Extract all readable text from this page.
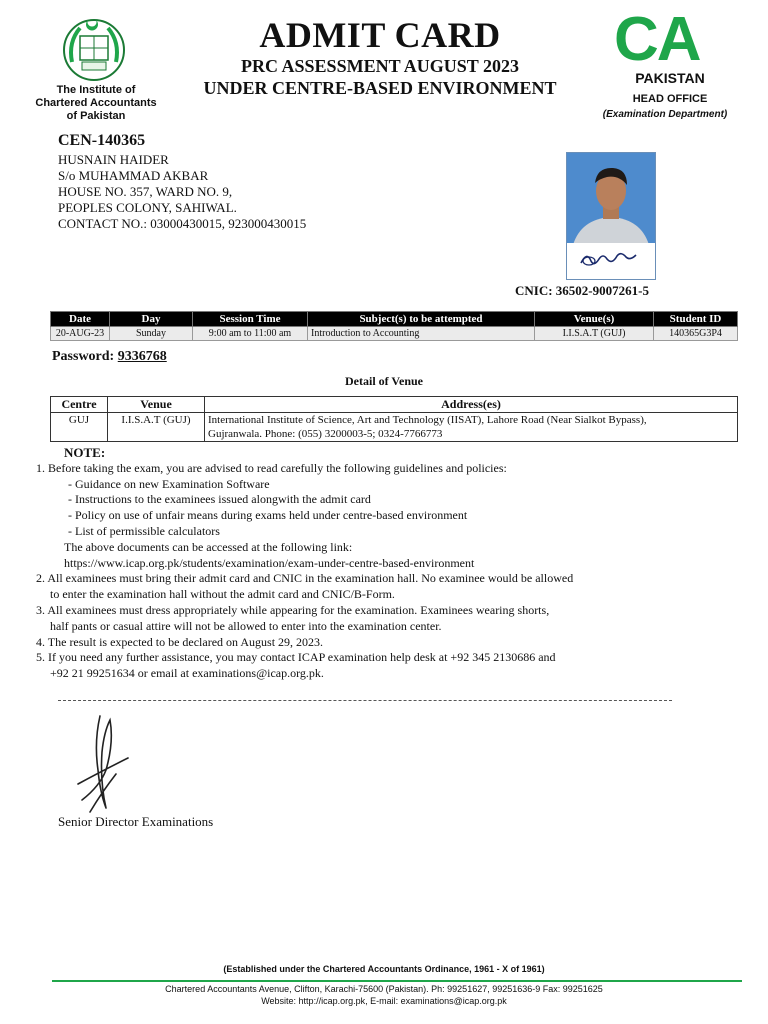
The Institute of
Chartered Accountants
of Pakistan
ADMIT CARD
PRC ASSESSMENT AUGUST 2023
UNDER CENTRE-BASED ENVIRONMENT
CA
PAKISTAN
HEAD OFFICE
(Examination Department)
CEN-140365
HUSNAIN HAIDER
S/o MUHAMMAD AKBAR
HOUSE NO. 357, WARD NO. 9,
PEOPLES COLONY, SAHIWAL.
CONTACT NO.: 03000430015, 923000430015
CNIC: 36502-9007261-5
Date	Day	Session Time	Subject(s) to be attempted	Venue(s)	Student ID
20-AUG-23	Sunday	9:00 am to 11:00 am	Introduction to Accounting	I.I.S.A.T (GUJ)	140365G3P4
Password: 9336768
Detail of Venue
Centre	Venue	Address(es)
GUJ	I.I.S.A.T (GUJ)	International Institute of Science, Art and Technology (IISAT), Lahore Road (Near Sialkot Bypass),
Gujranwala. Phone: (055) 3200003-5; 0324-7766773
NOTE:
1. Before taking the exam, you are advised to read carefully the following guidelines and policies:
- Guidance on new Examination Software
- Instructions to the examinees issued alongwith the admit card
- Policy on use of unfair means during exams held under centre-based environment
- List of permissible calculators
The above documents can be accessed at the following link:
https://www.icap.org.pk/students/examination/exam-under-centre-based-environment
2. All examinees must bring their admit card and CNIC in the examination hall. No examinee would be allowed
to enter the examination hall without the admit card and CNIC/B-Form.
3. All examinees must dress appropriately while appearing for the examination. Examinees wearing shorts,
half pants or casual attire will not be allowed to enter into the examination center.
4. The result is expected to be declared on August 29, 2023.
5. If you need any further assistance, you may contact ICAP examination help desk at +92 345 2130686 and
+92 21 99251634 or email at examinations@icap.org.pk.
Senior Director Examinations
(Established under the Chartered Accountants Ordinance, 1961 - X of 1961)
Chartered Accountants Avenue, Clifton, Karachi-75600 (Pakistan). Ph: 99251627, 99251636-9 Fax: 99251625
Website: http://icap.org.pk, E-mail: examinations@icap.org.pk
